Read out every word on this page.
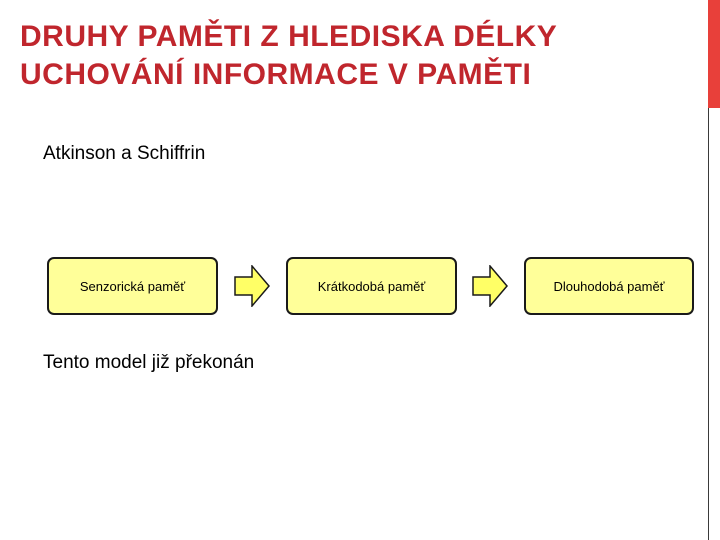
DRUHY PAMĚTI Z HLEDISKA DÉLKY
UCHOVÁNÍ INFORMACE V PAMĚTI
Atkinson a Schiffrin
Senzorická paměť	Krátkodobá paměť	Dlouhodobá paměť
Tento model již překonán
